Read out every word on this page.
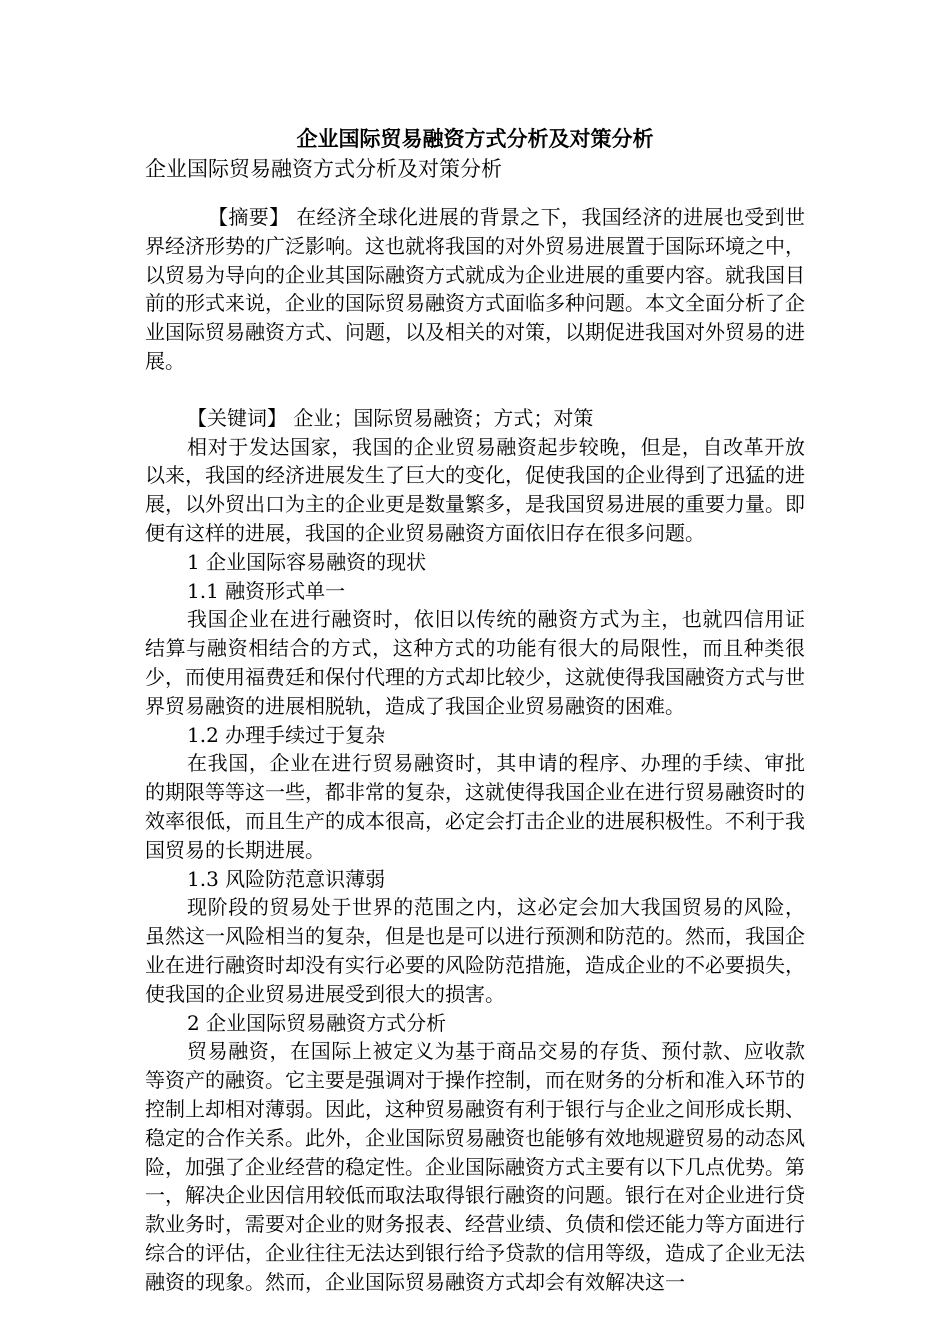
企业国际贸易融资方式分析及对策分析
企业国际贸易融资方式分析及对策分析

【摘要】 在经济全球化进展的背景之下，我国经济的进展也受到世界经济形势的广泛影响。这也就将我国的对外贸易进展置于国际环境之中，以贸易为导向的企业其国际融资方式就成为企业进展的重要内容。就我国目前的形式来说，企业的国际贸易融资方式面临多种问题。本文全面分析了企业国际贸易融资方式、问题，以及相关的对策，以期促进我国对外贸易的进展。

【关键词】 企业；国际贸易融资；方式；对策

相对于发达国家，我国的企业贸易融资起步较晚，但是，自改革开放以来，我国的经济进展发生了巨大的变化，促使我国的企业得到了迅猛的进展，以外贸出口为主的企业更是数量繁多，是我国贸易进展的重要力量。即便有这样的进展，我国的企业贸易融资方面依旧存在很多问题。

1 企业国际容易融资的现状

1.1 融资形式单一

我国企业在进行融资时，依旧以传统的融资方式为主，也就四信用证结算与融资相结合的方式，这种方式的功能有很大的局限性，而且种类很少，而使用福费廷和保付代理的方式却比较少，这就使得我国融资方式与世界贸易融资的进展相脱轨，造成了我国企业贸易融资的困难。

1.2 办理手续过于复杂

在我国，企业在进行贸易融资时，其申请的程序、办理的手续、审批的期限等等这一些，都非常的复杂，这就使得我国企业在进行贸易融资时的效率很低，而且生产的成本很高，必定会打击企业的进展积极性。不利于我国贸易的长期进展。

1.3 风险防范意识薄弱

现阶段的贸易处于世界的范围之内，这必定会加大我国贸易的风险，虽然这一风险相当的复杂，但是也是可以进行预测和防范的。然而，我国企业在进行融资时却没有实行必要的风险防范措施，造成企业的不必要损失，使我国的企业贸易进展受到很大的损害。

2 企业国际贸易融资方式分析

贸易融资，在国际上被定义为基于商品交易的存货、预付款、应收款等资产的融资。它主要是强调对于操作控制，而在财务的分析和准入环节的控制上却相对薄弱。因此，这种贸易融资有利于银行与企业之间形成长期、稳定的合作关系。此外，企业国际贸易融资也能够有效地规避贸易的动态风险，加强了企业经营的稳定性。企业国际融资方式主要有以下几点优势。第一，解决企业因信用较低而取法取得银行融资的问题。银行在对企业进行贷款业务时，需要对企业的财务报表、经营业绩、负债和偿还能力等方面进行综合的评估，企业往往无法达到银行给予贷款的信用等级，造成了企业无法融资的现象。然而，企业国际贸易融资方式却会有效解决这一
